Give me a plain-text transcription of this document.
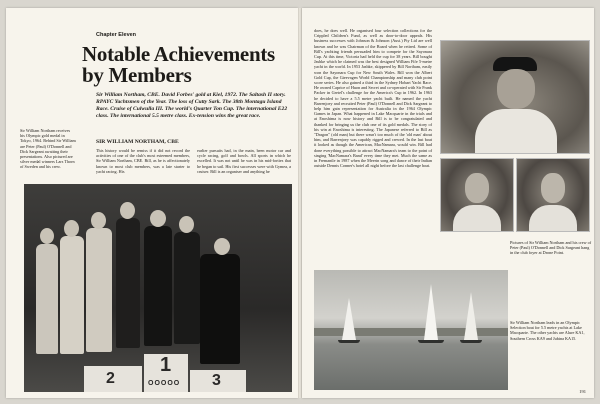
Chapter Eleven
Notable Achievements
by Members

Sir William Northam, CBE. David Forbes' gold at Kiel, 1972. The Saltash II story. RPAYC Yachtsmen of the Year. The loss of Cutty Sark. The 38th Montagu Island Race. Cruise of Culwulla III. The world's Quarter Ton Cup. The international E22 class. The international 5.5 metre class. Ex-tension wins the great race.

Sir William Northam receives his Olympic gold medal in Tokyo, 1964. Behind Sir William are Peter (Paul) O'Donnell and Dick Sargeant awaiting their presentations. Also pictured are silver medal winners Lars Thorn of Sweden and his crew.
SIR WILLIAM NORTHAM, CBE
This history would be remiss if it did not record the activities of one of the club's most esteemed members, Sir William Northam, CBE. Bill, as he is affectionately known to most club members, was a late starter to yacht racing. His
earlier pursuits had, in the main, been motor car and cycle racing, golf and bowls. All sports in which he excelled. It was not until he was in his mid-forties that he began to sail. His first successes were with Gymea, a cruiser. Bill is an organiser and anything he
1
2	3
OOOOO
does, he does well. He organised four selection collections for the Crippled Children's Fund, as well as door-to-door appeals. His business successes with Johnson & Johnson (Aust.) Pty Ltd are well known and he was Chairman of the Board when he retired. Some of Bill's yachting friends persuaded him to compete for the Sayonara Cup. At this time, Victoria had held the cup for 38 years. Bill bought Jasbke which he claimed was the best designed William Fife 5-metre yacht in the world. In 1953 Jasbke, skippered by Bill Northam, easily won the Sayonara Cup for New South Wales. Bill won the Albert Gold Cup, the Gieevagen World Championship and many club point score series. He also gained a third in the Sydney Hobart Yacht Race. He owned Caprice of Huon and Secret and co-operated with Sir Frank Packer in Gretel's challenge for the America's Cup in 1962. In 1963 he decided to have a 5.5 metre yacht built. He named the yacht Barrenjoey and recruited Peter (Paul) O'Donnell and Dick Sargeant to help him gain representation for Australia in the 1964 Olympic Games in Japan. What happened in Lake Macquarie in the trials and at Enoshima is now history and Bill is to be congratulated and thanked for bringing us the club one of its gold medals. The story of his win at Enoshima is interesting. The Japanese referred to Bill as "Dragon" (old man) but there wasn't too much of the 'old man' about him, and Barrenjoey was capably rigged and crewed. In the last boat it looked as though the American, MacNamara, would win. Bill had done everything possible to attract MacNamara's team to the point of singing 'MacNamara's Band' every time they met. Much the same as in Fremantle in 1987 when the Meerin song and dance of their Indian outside Dennis Conner's hotel all night before the last challenge boat.
Pictures of Sir William Northam and his crew of Peter (Paul) O'Donnell and Dick Sargeant hang in the club foyer at Drone Point.
Sir William Northam leads in an Olympic Selection boat for 5.5 metre yachts at Lake Macquarie. The other yachts are Alure KA1, Southern Cross KA9 and Jubina KA15.
191
